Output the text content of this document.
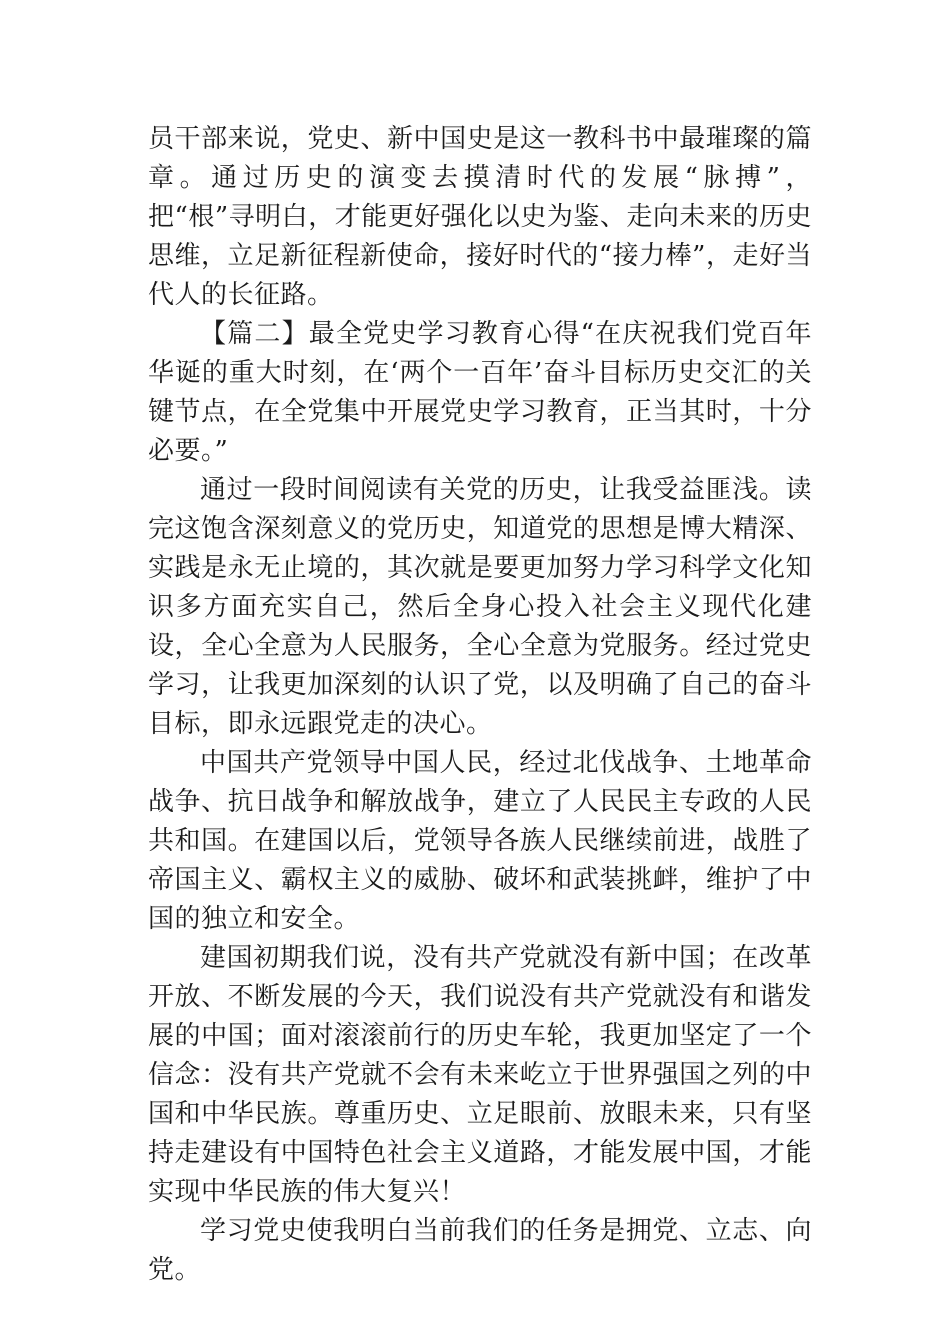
员干部来说，党史、新中国史是这一教科书中最璀璨的篇章。通过历史的演变去摸清时代的发展“脉搏”，把“根”寻明白，才能更好强化以史为鉴、走向未来的历史思维，立足新征程新使命，接好时代的“接力棒”，走好当代人的长征路。

【篇二】最全党史学习教育心得“在庆祝我们党百年华诞的重大时刻，在‘两个一百年’奋斗目标历史交汇的关键节点，在全党集中开展党史学习教育，正当其时，十分必要。”

通过一段时间阅读有关党的历史，让我受益匪浅。读完这饱含深刻意义的党历史，知道党的思想是博大精深、实践是永无止境的，其次就是要更加努力学习科学文化知识多方面充实自己，然后全身心投入社会主义现代化建设，全心全意为人民服务，全心全意为党服务。经过党史学习，让我更加深刻的认识了党，以及明确了自己的奋斗目标，即永远跟党走的决心。

中国共产党领导中国人民，经过北伐战争、土地革命战争、抗日战争和解放战争，建立了人民民主专政的人民共和国。在建国以后，党领导各族人民继续前进，战胜了帝国主义、霸权主义的威胁、破坏和武装挑衅，维护了中国的独立和安全。

建国初期我们说，没有共产党就没有新中国；在改革开放、不断发展的今天，我们说没有共产党就没有和谐发展的中国；面对滚滚前行的历史车轮，我更加坚定了一个信念：没有共产党就不会有未来屹立于世界强国之列的中国和中华民族。尊重历史、立足眼前、放眼未来，只有坚持走建设有中国特色社会主义道路，才能发展中国，才能实现中华民族的伟大复兴！

学习党史使我明白当前我们的任务是拥党、立志、向党。
